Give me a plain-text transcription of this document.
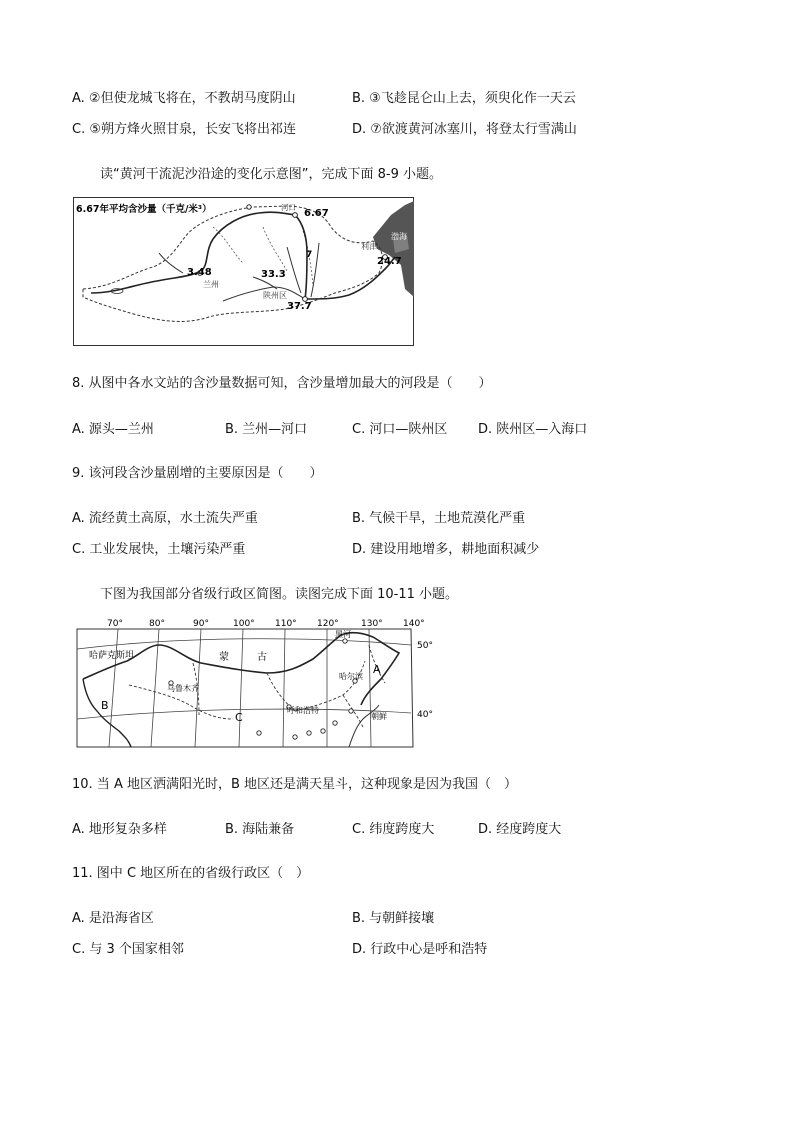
A. ②但使龙城飞将在，不教胡马度阴山	B. ③飞趁昆仑山上去，须臾化作一天云
C. ⑤朔方烽火照甘泉，长安飞将出祁连	D. ⑦欲渡黄河冰塞川，将登太行雪满山
读“黄河干流泥沙沿途的变化示意图”，完成下面 8-9 小题。
6.67年平均含沙量（千克/米³）	6.67
河口
3.48
兰州
33.3
陕州区
37.7
利津
24.7
渤海
7
8. 从图中各水文站的含沙量数据可知，含沙量增加最大的河段是（　　）
A. 源头—兰州	B. 兰州—河口	C. 河口—陕州区 D. 陕州区—入海口
9. 该河段含沙量剧增的主要原因是（　　）
A. 流经黄土高原，水土流失严重	B. 气候干旱，土地荒漠化严重
C. 工业发展快，土壤污染严重	D. 建设用地增多，耕地面积减少
下图为我国部分省级行政区简图。读图完成下面 10-11 小题。
70°	80°	90°	100° 110° 120° 130° 140°
50°
40°
哈萨克斯坦
乌鲁木齐
蒙	古
呼和浩特
哈尔滨
黑河
朝鲜
A
B
C
10. 当 A 地区洒满阳光时，B 地区还是满天星斗，这种现象是因为我国（　）
A. 地形复杂多样	B. 海陆兼备	C. 纬度跨度大	D. 经度跨度大
11. 图中 C 地区所在的省级行政区（　）
A. 是沿海省区	B. 与朝鲜接壤
C. 与 3 个国家相邻	D. 行政中心是呼和浩特
